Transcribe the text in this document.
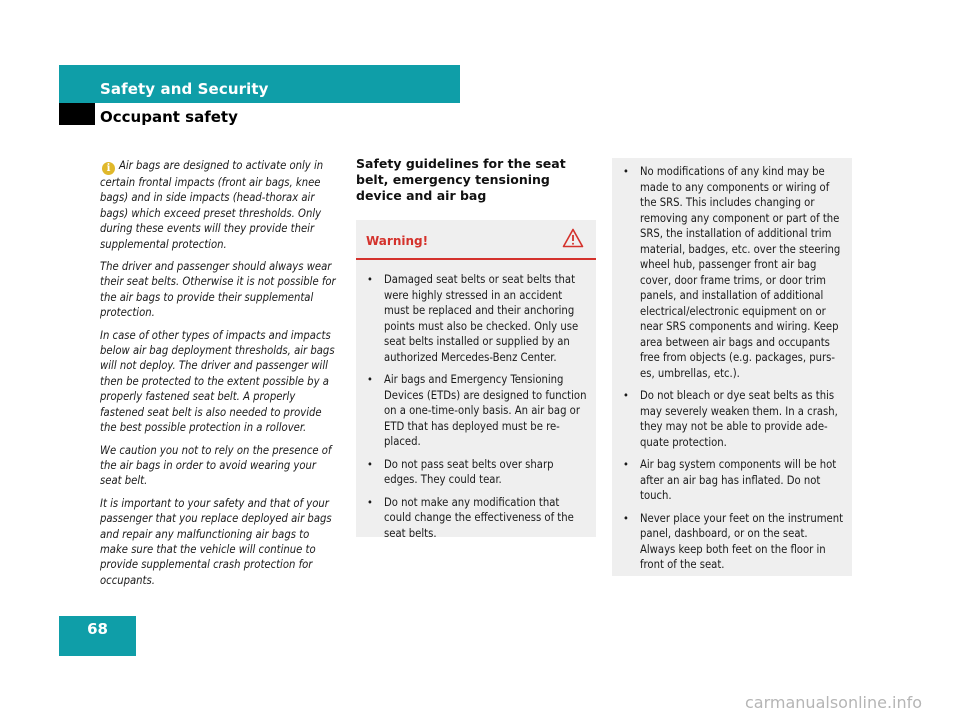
Safety and Security
Occupant safety

i Air bags are designed to activate only in certain frontal impacts (front air bags, knee bags) and in side impacts (head-thorax air bags) which exceed preset thresholds. Only during these events will they provide their supplemental protection.

The driver and passenger should always wear their seat belts. Otherwise it is not possible for the air bags to provide their supplemental protection.

In case of other types of impacts and impacts below air bag deployment thresholds, air bags will not deploy. The driver and passenger will then be protected to the extent possible by a properly fastened seat belt. A properly fastened seat belt is also needed to provide the best possible protection in a rollover.

We caution you not to rely on the presence of the air bags in order to avoid wearing your seat belt.

It is important to your safety and that of your passenger that you replace deployed air bags and repair any malfunctioning air bags to make sure that the vehicle will continue to provide supplemental crash protection for occupants.

Safety guidelines for the seat belt, emergency tensioning device and air bag
Warning!
• Damaged seat belts or seat belts that were highly stressed in an accident must be replaced and their anchoring points must also be checked. Only use seat belts installed or supplied by an authorized Mercedes-Benz Center.
• Air bags and Emergency Tensioning Devices (ETDs) are designed to function on a one-time-only basis. An air bag or ETD that has deployed must be re-placed.
• Do not pass seat belts over sharp edges. They could tear.
• Do not make any modification that could change the effectiveness of the seat belts.
• No modifications of any kind may be made to any components or wiring of the SRS. This includes changing or removing any component or part of the SRS, the installation of additional trim material, badges, etc. over the steering wheel hub, passenger front air bag cover, door frame trims, or door trim panels, and installation of additional electrical/electronic equipment on or near SRS components and wiring. Keep area between air bags and occupants free from objects (e.g. packages, purs-es, umbrellas, etc.).
• Do not bleach or dye seat belts as this may severely weaken them. In a crash, they may not be able to provide ade-quate protection.
• Air bag system components will be hot after an air bag has inflated. Do not touch.
• Never place your feet on the instrument panel, dashboard, or on the seat. Always keep both feet on the floor in front of the seat.
68
carmanualsonline.info
